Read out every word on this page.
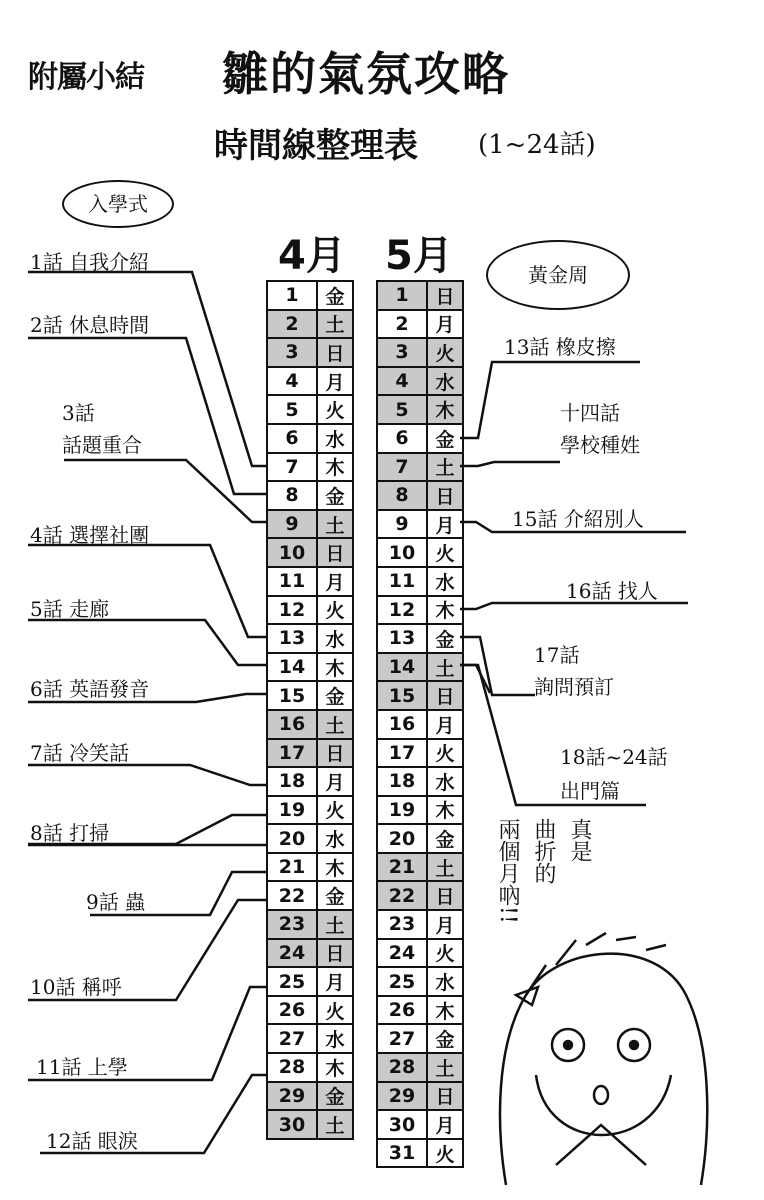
附屬小結 雛的氣氛攻略
時間線整理表 (1~24話)
4月 5月
1	金
2	土
3	日
4	月
5	火
6	水
7	木
8	金
9	土
10	日
11	月
12	火
13	水
14	木
15	金
16	土
17	日
18	月
19	火
20	水
21	木
22	金
23	土
24	日
25	月
26	火
27	水
28	木
29	金
30	土
1	日
2	月
3	火
4	水
5	木
6	金
7	土
8	日
9	月
10	火
11	水
12	木
13	金
14	土
15	日
16	月
17	火
18	水
19	木
20	金
21	土
22	日
23	月
24	火
25	水
26	木
27	金
28	土
29	日
30	月
31	火
入學式
黃金周
1話 自我介紹
2話 休息時間
3話
話題重合
4話 選擇社團
5話 走廊
6話 英語發音
7話 冷笑話
8話 打掃
9話 蟲
10話 稱呼
11話 上學
12話 眼淚
13話 橡皮擦
十四話
學校種姓
15話 介紹別人
16話 找人
17話
詢問預訂
18話~24話
出門篇
真是
曲折的
兩個月吶!!
